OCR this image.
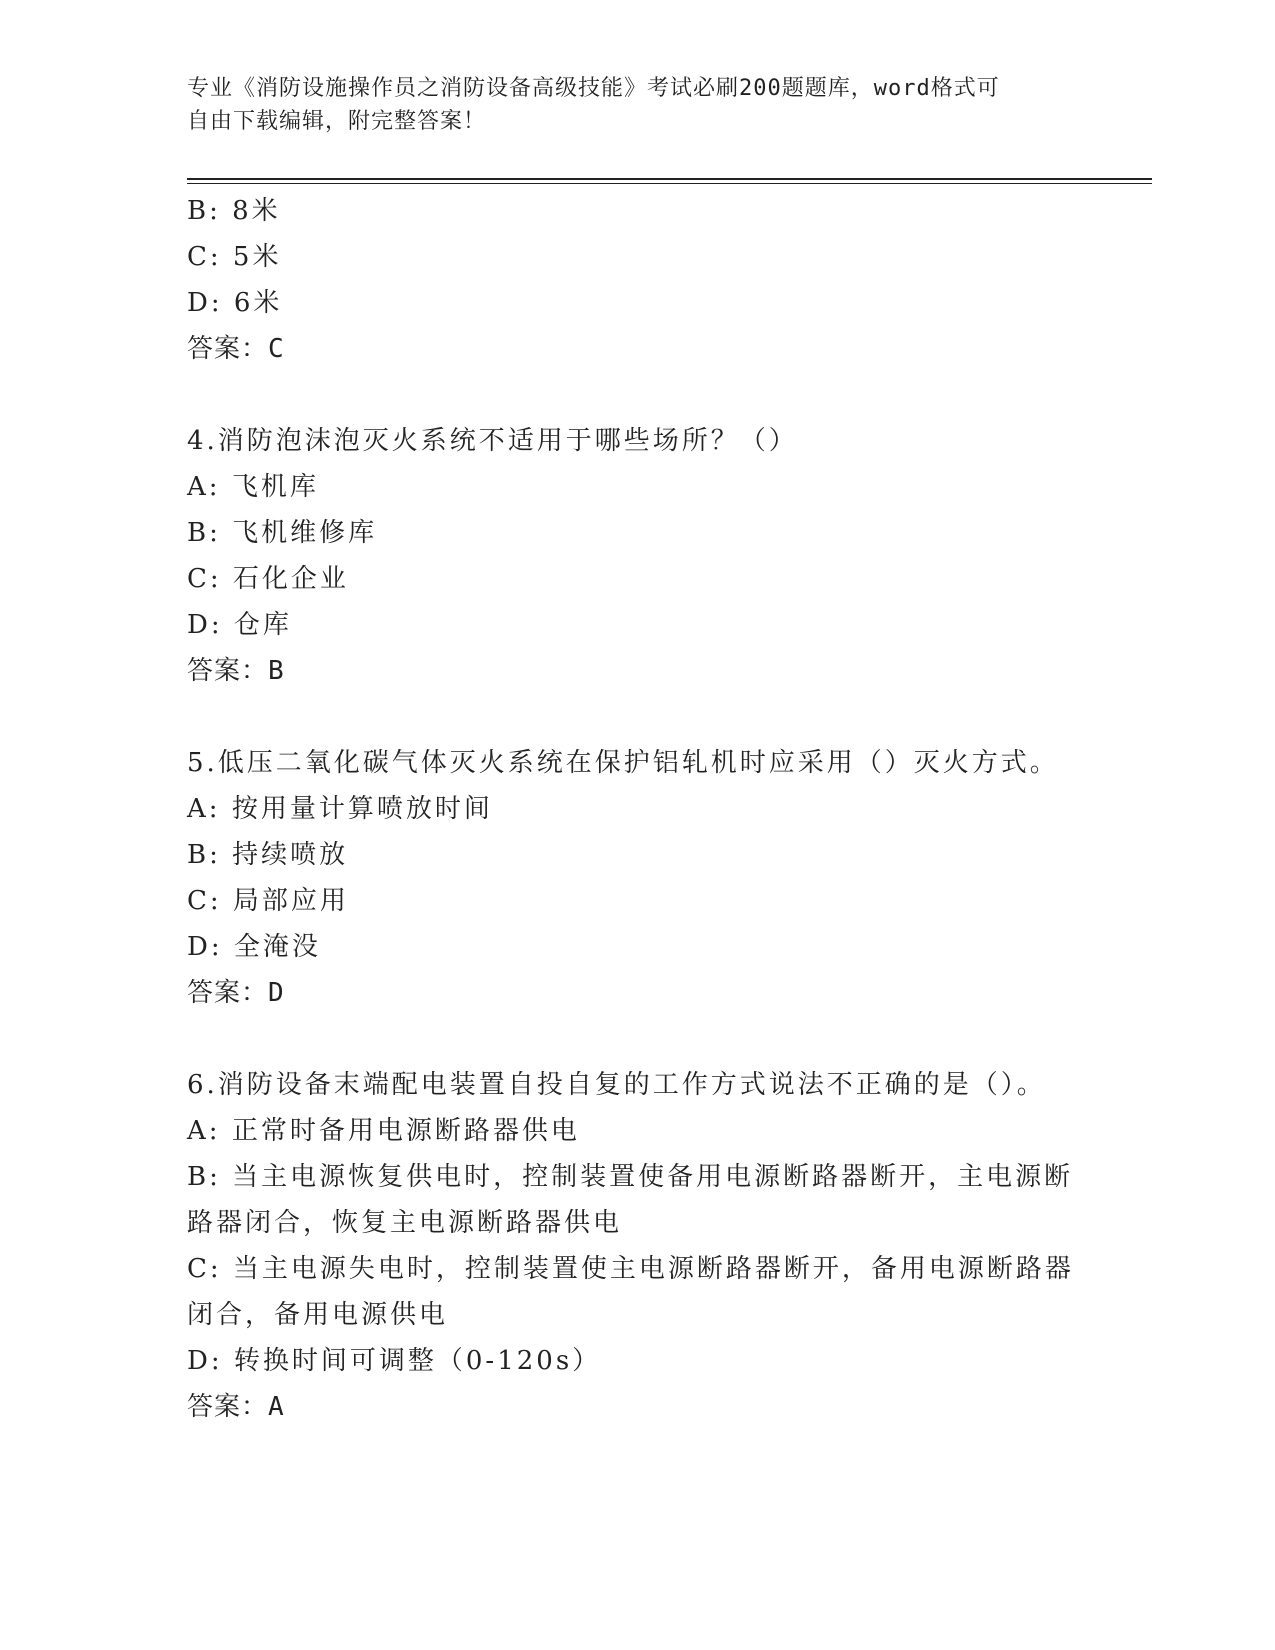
专业《消防设施操作员之消防设备高级技能》考试必刷200题题库，word格式可
自由下载编辑，附完整答案！
B: 8米
C: 5米
D: 6米
答案：C
4.消防泡沫泡灭火系统不适用于哪些场所？（）
A: 飞机库
B: 飞机维修库
C: 石化企业
D: 仓库
答案：B
5.低压二氧化碳气体灭火系统在保护铝轧机时应采用（）灭火方式。
A: 按用量计算喷放时间
B: 持续喷放
C: 局部应用
D: 全淹没
答案：D
6.消防设备末端配电装置自投自复的工作方式说法不正确的是（）。
A: 正常时备用电源断路器供电
B: 当主电源恢复供电时，控制装置使备用电源断路器断开，主电源断路器闭合，恢复主电源断路器供电
C: 当主电源失电时，控制装置使主电源断路器断开，备用电源断路器闭合，备用电源供电
D: 转换时间可调整（0-120s）
答案：A
